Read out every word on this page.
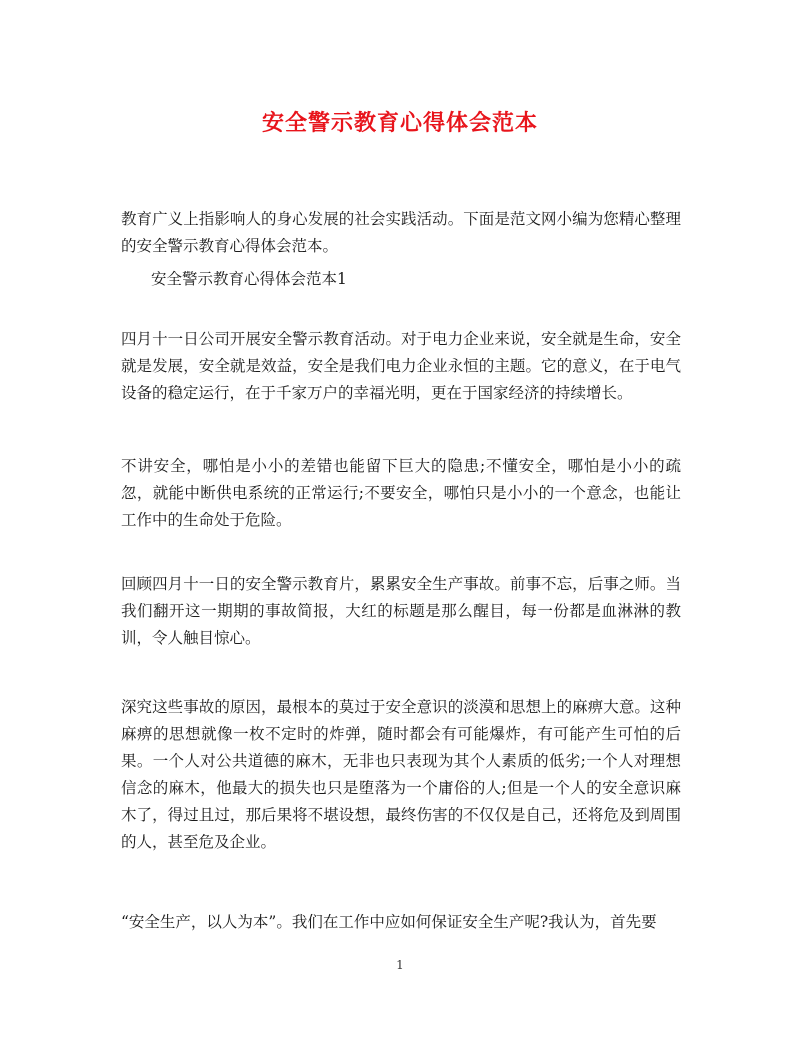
安全警示教育心得体会范本
教育广义上指影响人的身心发展的社会实践活动。下面是范文网小编为您精心整理的安全警示教育心得体会范本。
安全警示教育心得体会范本1
四月十一日公司开展安全警示教育活动。对于电力企业来说，安全就是生命，安全就是发展，安全就是效益，安全是我们电力企业永恒的主题。它的意义，在于电气设备的稳定运行，在于千家万户的幸福光明，更在于国家经济的持续增长。
不讲安全，哪怕是小小的差错也能留下巨大的隐患;不懂安全，哪怕是小小的疏忽，就能中断供电系统的正常运行;不要安全，哪怕只是小小的一个意念，也能让工作中的生命处于危险。
回顾四月十一日的安全警示教育片，累累安全生产事故。前事不忘，后事之师。当我们翻开这一期期的事故简报，大红的标题是那么醒目，每一份都是血淋淋的教训，令人触目惊心。
深究这些事故的原因，最根本的莫过于安全意识的淡漠和思想上的麻痹大意。这种麻痹的思想就像一枚不定时的炸弹，随时都会有可能爆炸，有可能产生可怕的后果。一个人对公共道德的麻木，无非也只表现为其个人素质的低劣;一个人对理想信念的麻木，他最大的损失也只是堕落为一个庸俗的人;但是一个人的安全意识麻木了，得过且过，那后果将不堪设想，最终伤害的不仅仅是自己，还将危及到周围的人，甚至危及企业。
“安全生产，以人为本”。我们在工作中应如何保证安全生产呢?我认为，首先要
1
